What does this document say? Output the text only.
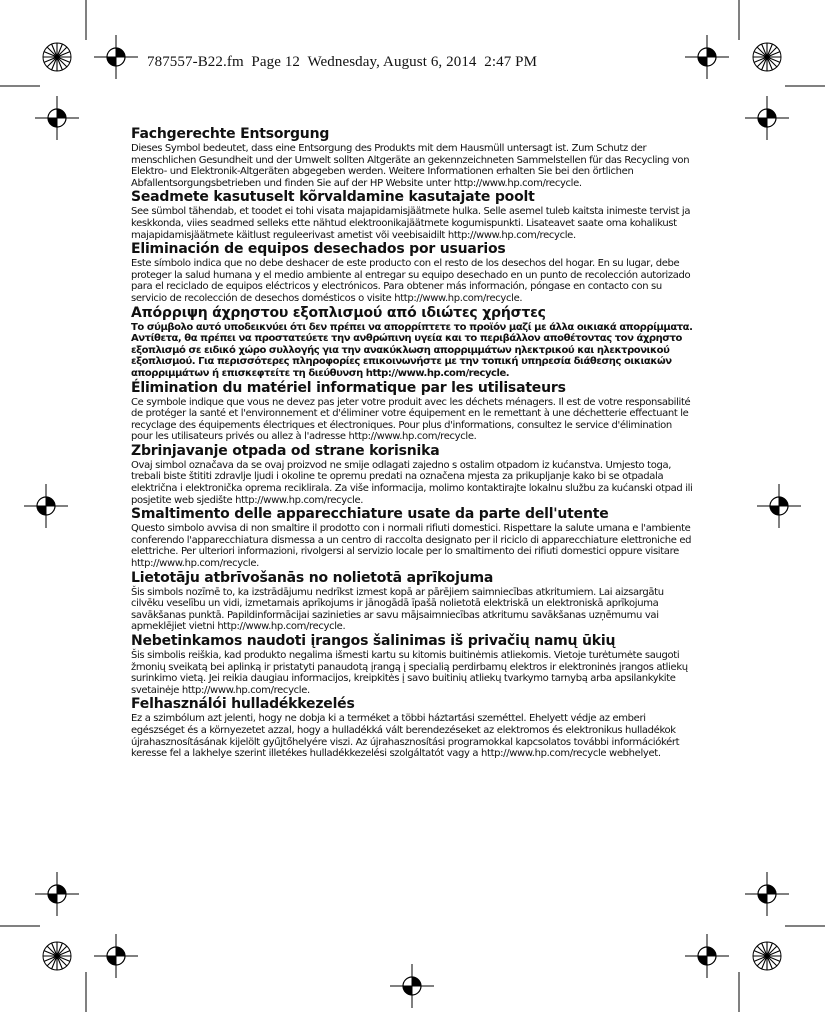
787557-B22.fm Page 12 Wednesday, August 6, 2014 2:47 PM
Fachgerechte Entsorgung

Dieses Symbol bedeutet, dass eine Entsorgung des Produkts mit dem Hausmüll untersagt ist. Zum Schutz der menschlichen Gesundheit und der Umwelt sollten Altgeräte an gekennzeichneten Sammelstellen für das Recycling von Elektro- und Elektronik-Altgeräten abgegeben werden. Weitere Informationen erhalten Sie bei den örtlichen Abfallentsorgungsbetrieben und finden Sie auf der HP Website unter http://www.hp.com/recycle.

Seadmete kasutuselt kõrvaldamine kasutajate poolt

See sümbol tähendab, et toodet ei tohi visata majapidamisjäätmete hulka. Selle asemel tuleb kaitsta inimeste tervist ja keskkonda, viies seadmed selleks ette nähtud elektroonikajäätmete kogumispunkti. Lisateavet saate oma kohalikust majapidamisjäätmete käitlust reguleerivast ametist või veebisaidilt http://www.hp.com/recycle.

Eliminación de equipos desechados por usuarios

Este símbolo indica que no debe deshacer de este producto con el resto de los desechos del hogar. En su lugar, debe proteger la salud humana y el medio ambiente al entregar su equipo desechado en un punto de recolección autorizado para el reciclado de equipos eléctricos y electrónicos. Para obtener más información, póngase en contacto con su servicio de recolección de desechos domésticos o visite http://www.hp.com/recycle.

Απόρριψη άχρηστου εξοπλισμού από ιδιώτες χρήστες

Το σύμβολο αυτό υποδεικνύει ότι δεν πρέπει να απορρίπτετε το προϊόν μαζί με άλλα οικιακά απορρίμματα. Αντίθετα, θα πρέπει να προστατεύετε την ανθρώπινη υγεία και το περιβάλλον αποθέτοντας τον άχρηστο εξοπλισμό σε ειδικό χώρο συλλογής για την ανακύκλωση απορριμμάτων ηλεκτρικού και ηλεκτρονικού εξοπλισμού. Για περισσότερες πληροφορίες επικοινωνήστε με την τοπική υπηρεσία διάθεσης οικιακών απορριμμάτων ή επισκεφτείτε τη διεύθυνση http://www.hp.com/recycle.

Élimination du matériel informatique par les utilisateurs

Ce symbole indique que vous ne devez pas jeter votre produit avec les déchets ménagers. Il est de votre responsabilité de protéger la santé et l'environnement et d'éliminer votre équipement en le remettant à une déchetterie effectuant le recyclage des équipements électriques et électroniques. Pour plus d'informations, consultez le service d'élimination pour les utilisateurs privés ou allez à l'adresse http://www.hp.com/recycle.

Zbrinjavanje otpada od strane korisnika

Ovaj simbol označava da se ovaj proizvod ne smije odlagati zajedno s ostalim otpadom iz kućanstva. Umjesto toga, trebali biste štititi zdravlje ljudi i okoline te opremu predati na označena mjesta za prikupljanje kako bi se otpadala električna i elektronička oprema reciklirala. Za više informacija, molimo kontaktirajte lokalnu službu za kućanski otpad ili posjetite web sjedište http://www.hp.com/recycle.

Smaltimento delle apparecchiature usate da parte dell'utente

Questo simbolo avvisa di non smaltire il prodotto con i normali rifiuti domestici. Rispettare la salute umana e l'ambiente conferendo l'apparecchiatura dismessa a un centro di raccolta designato per il riciclo di apparecchiature elettroniche ed elettriche. Per ulteriori informazioni, rivolgersi al servizio locale per lo smaltimento dei rifiuti domestici oppure visitare http://www.hp.com/recycle.

Lietotāju atbrīvošanās no nolietotā aprīkojuma

Šis simbols nozīmē to, ka izstrādājumu nedrīkst izmest kopā ar pārējiem saimniecības atkritumiem. Lai aizsargātu cilvēku veselību un vidi, izmetamais aprīkojums ir jānogādā īpašā nolietotā elektriskā un elektroniskā aprīkojuma savākšanas punktā. Papildinformācijai sazinieties ar savu mājsaimniecības atkritumu savākšanas uzņēmumu vai apmeklējiet vietni http://www.hp.com/recycle.

Nebetinkamos naudoti įrangos šalinimas iš privačių namų ūkių

Šis simbolis reiškia, kad produkto negalima išmesti kartu su kitomis buitinėmis atliekomis. Vietoje turėtumėte saugoti žmonių sveikatą bei aplinką ir pristatyti panaudotą įrangą į specialią perdirbamų elektros ir elektroninės įrangos atliekų surinkimo vietą. Jei reikia daugiau informacijos, kreipkitės į savo buitinių atliekų tvarkymo tarnybą arba apsilankykite svetainėje http://www.hp.com/recycle.

Felhasználói hulladékkezelés

Ez a szimbólum azt jelenti, hogy ne dobja ki a terméket a többi háztartási szeméttel. Ehelyett védje az emberi egészséget és a környezetet azzal, hogy a hulladékká vált berendezéseket az elektromos és elektronikus hulladékok újrahasznosításának kijelölt gyűjtőhelyére viszi. Az újrahasznosítási programokkal kapcsolatos további információkért keresse fel a lakhelye szerint illetékes hulladékkezelési szolgáltatót vagy a http://www.hp.com/recycle webhelyet.
